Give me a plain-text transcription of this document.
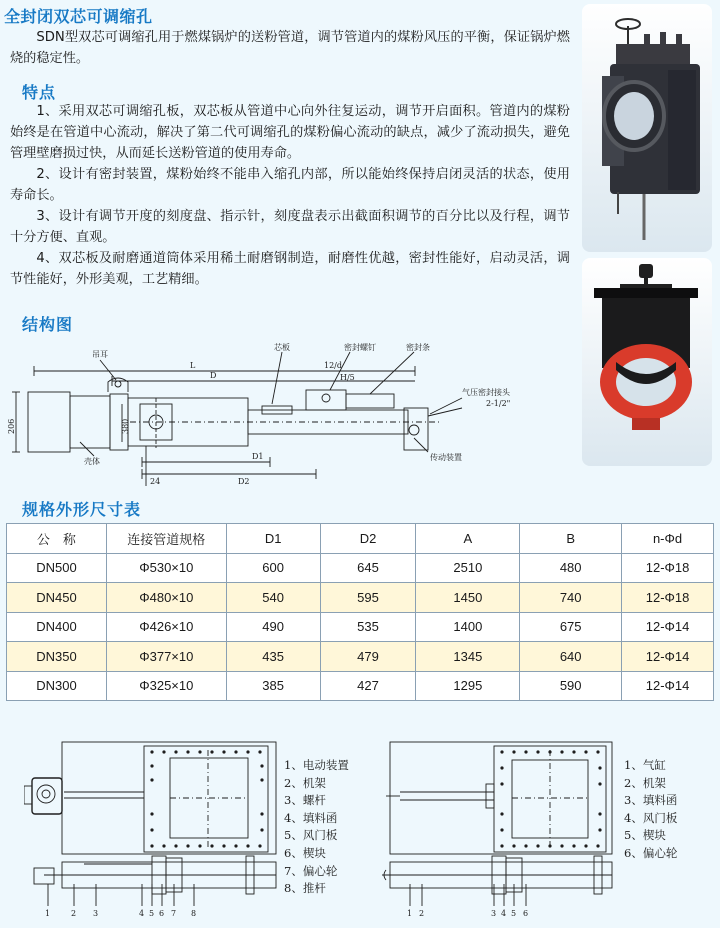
全封闭双芯可调缩孔

SDN型双芯可调缩孔用于燃煤锅炉的送粉管道，调节管道内的煤粉风压的平衡，保证锅炉燃烧的稳定性。

特点

1、采用双芯可调缩孔板，双芯板从管道中心向外往复运动，调节开启面积。管道内的煤粉始终是在管道中心流动，解决了第二代可调缩孔的煤粉偏心流动的缺点，减少了流动损失，避免管理壁磨损过快，从而延长送粉管道的使用寿命。

2、设计有密封装置，煤粉始终不能串入缩孔内部，所以能始终保持启闭灵活的状态，使用寿命长。

3、设计有调节开度的刻度盘、指示针，刻度盘表示出截面积调节的百分比以及行程，调节十分方便、直观。

4、双芯板及耐磨通道筒体采用稀土耐磨钢制造，耐磨性优越，密封性能好，启动灵活，调节性能好，外形美观，工艺精细。

结构图
吊耳
芯板	密封螺钉	密封条
气压密封接头
2-1/2"
壳体	传动装置
L
D
D1
D2
12/d
H/5
206	380
24
规格外形尺寸表
公　称	连接管道规格	D1	D2	A	B	n-Φd
DN500	Φ530×10	600	645	2510	480	12-Φ18
DN450	Φ480×10	540	595	1450	740	12-Φ18
DN400	Φ426×10	490	535	1400	675	12-Φ14
DN350	Φ377×10	435	479	1345	640	12-Φ14
DN300	Φ325×10	385	427	1295	590	12-Φ14
1	2 3	4 5 6 7 8
1、电动装置
2、机架
3、螺杆
4、填料函
5、风门板
6、楔块
7、偏心轮
8、推杆
1 2	3 4 5 6
1、气缸
2、机架
3、填料函
4、风门板
5、楔块
6、偏心轮
